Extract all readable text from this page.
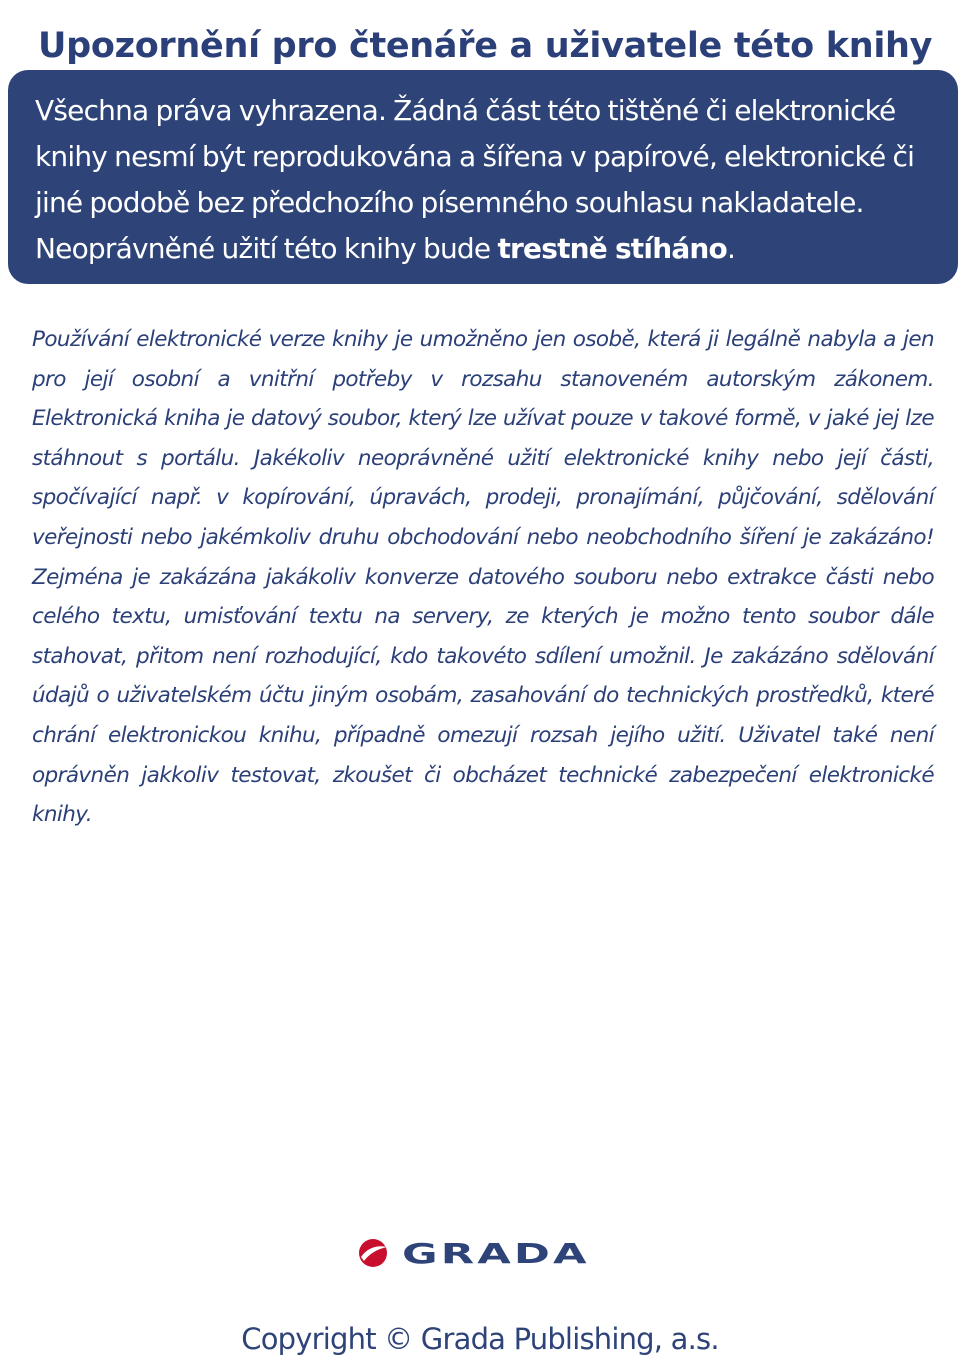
Upozornění pro čtenáře a uživatele této knihy

Všechna práva vyhrazena. Žádná část této tištěné či elektronické knihy nesmí být reprodukována a šířena v papírové, elektronické či jiné podobě bez předchozího písemného souhlasu nakladatele. Neoprávněné užití této knihy bude trestně stíháno.

Používání elektronické verze knihy je umožněno jen osobě, která ji legálně nabyla a jen pro její osobní a vnitřní potřeby v rozsahu stanoveném autorským zákonem. Elektronická kniha je datový soubor, který lze užívat pouze v takové formě, v jaké jej lze stáhnout s portálu. Jakékoliv neoprávněné užití elektronické knihy nebo její části, spočívající např. v kopírování, úpravách, prodeji, pronajímání, půjčování, sdělování veřejnosti nebo jakémkoliv druhu obchodování nebo neobchodního šíření je zakázáno! Zejména je zakázána jakákoliv konverze datového souboru nebo extrakce části nebo celého textu, umisťování textu na servery, ze kterých je možno tento soubor dále stahovat, přitom není rozhodující, kdo takovéto sdílení umožnil. Je zakázáno sdělování údajů o uživatelském účtu jiným osobám, zasahování do technických prostředků, které chrání elektronickou knihu, případně omezují rozsah jejího užití. Uživatel také není oprávněn jakkoliv testovat, zkoušet či obcházet technické zabezpečení elektronické knihy.

GRADA
Copyright © Grada Publishing, a.s.
